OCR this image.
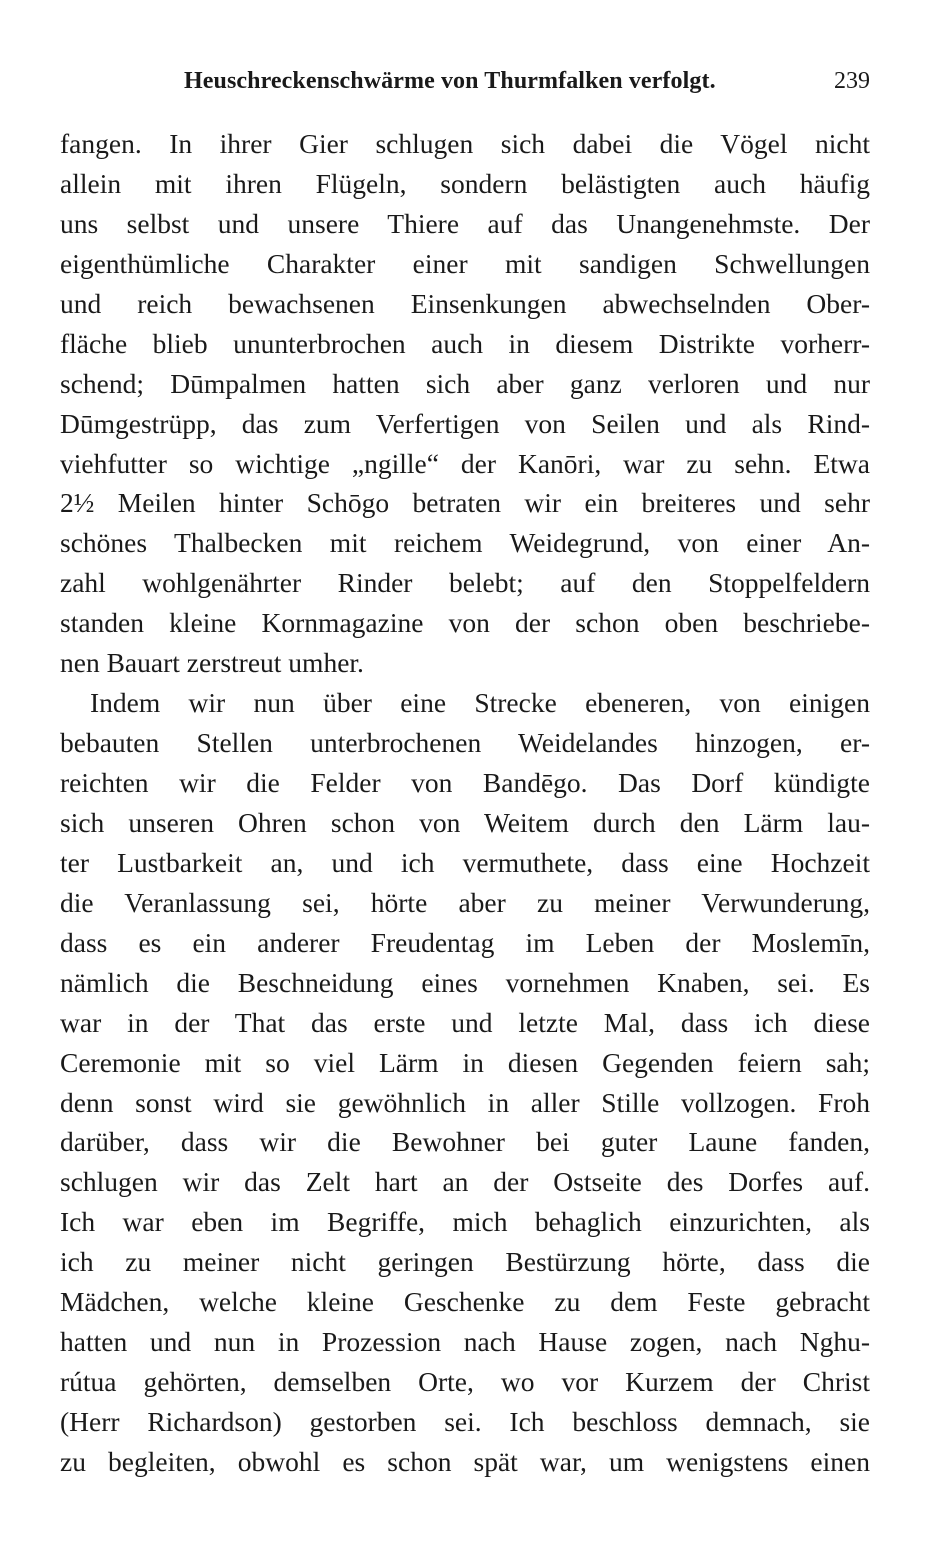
Heuschreckenschwärme von Thurmfalken verfolgt.	239
fangen. In ihrer Gier schlugen sich dabei die Vögel nicht
allein mit ihren Flügeln, sondern belästigten auch häufig
uns selbst und unsere Thiere auf das Unangenehmste. Der
eigenthümliche Charakter einer mit sandigen Schwellungen
und reich bewachsenen Einsenkungen abwechselnden Ober-
fläche blieb ununterbrochen auch in diesem Distrikte vorherr-
schend; Dūmpalmen hatten sich aber ganz verloren und nur
Dūmgestrüpp, das zum Verfertigen von Seilen und als Rind-
viehfutter so wichtige „ngille“ der Kanōri, war zu sehn. Etwa
2½ Meilen hinter Schōgo betraten wir ein breiteres und sehr
schönes Thalbecken mit reichem Weidegrund, von einer An-
zahl wohlgenährter Rinder belebt; auf den Stoppelfeldern
standen kleine Kornmagazine von der schon oben beschriebe-
nen Bauart zerstreut umher.
Indem wir nun über eine Strecke ebeneren, von einigen
bebauten Stellen unterbrochenen Weidelandes hinzogen, er-
reichten wir die Felder von Bandēgo. Das Dorf kündigte
sich unseren Ohren schon von Weitem durch den Lärm lau-
ter Lustbarkeit an, und ich vermuthete, dass eine Hochzeit
die Veranlassung sei, hörte aber zu meiner Verwunderung,
dass es ein anderer Freudentag im Leben der Moslemīn,
nämlich die Beschneidung eines vornehmen Knaben, sei. Es
war in der That das erste und letzte Mal, dass ich diese
Ceremonie mit so viel Lärm in diesen Gegenden feiern sah;
denn sonst wird sie gewöhnlich in aller Stille vollzogen. Froh
darüber, dass wir die Bewohner bei guter Laune fanden,
schlugen wir das Zelt hart an der Ostseite des Dorfes auf.
Ich war eben im Begriffe, mich behaglich einzurichten, als
ich zu meiner nicht geringen Bestürzung hörte, dass die
Mädchen, welche kleine Geschenke zu dem Feste gebracht
hatten und nun in Prozession nach Hause zogen, nach Nghu-
rútua gehörten, demselben Orte, wo vor Kurzem der Christ
(Herr Richardson) gestorben sei. Ich beschloss demnach, sie
zu begleiten, obwohl es schon spät war, um wenigstens einen
